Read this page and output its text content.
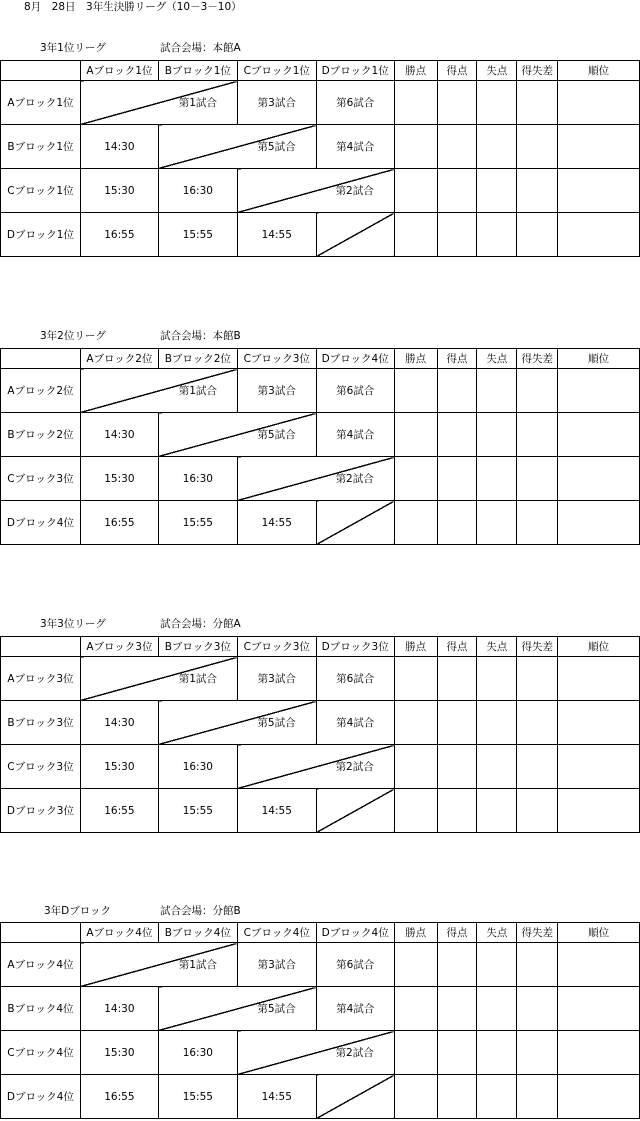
8月　28日　3年生決勝リーグ（10－3－10）
3年1位リーグ	試合会場：本館A
	Aブロック1位	Bブロック1位	Cブロック1位	Dブロック1位	勝点	得点	失点	得失差	順位
Aブロック1位	第1試合		第3試合	第6試合					
Bブロック1位	14:30	第5試合		第4試合					
Cブロック1位	15:30	16:30	第2試合						
Dブロック1位	16:55	15:55	14:55						
3年2位リーグ	試合会場：本館B
	Aブロック2位	Bブロック2位	Cブロック3位	Dブロック4位	勝点	得点	失点	得失差	順位
Aブロック2位	第1試合		第3試合	第6試合					
Bブロック2位	14:30	第5試合		第4試合					
Cブロック3位	15:30	16:30	第2試合						
Dブロック4位	16:55	15:55	14:55						
3年3位リーグ	試合会場：分館A
	Aブロック3位	Bブロック3位	Cブロック3位	Dブロック3位	勝点	得点	失点	得失差	順位
Aブロック3位	第1試合		第3試合	第6試合					
Bブロック3位	14:30	第5試合		第4試合					
Cブロック3位	15:30	16:30	第2試合						
Dブロック3位	16:55	15:55	14:55						
3年Dブロック	試合会場：分館B
	Aブロック4位	Bブロック4位	Cブロック4位	Dブロック4位	勝点	得点	失点	得失差	順位
Aブロック4位	第1試合		第3試合	第6試合					
Bブロック4位	14:30	第5試合		第4試合					
Cブロック4位	15:30	16:30	第2試合						
Dブロック4位	16:55	15:55	14:55						
